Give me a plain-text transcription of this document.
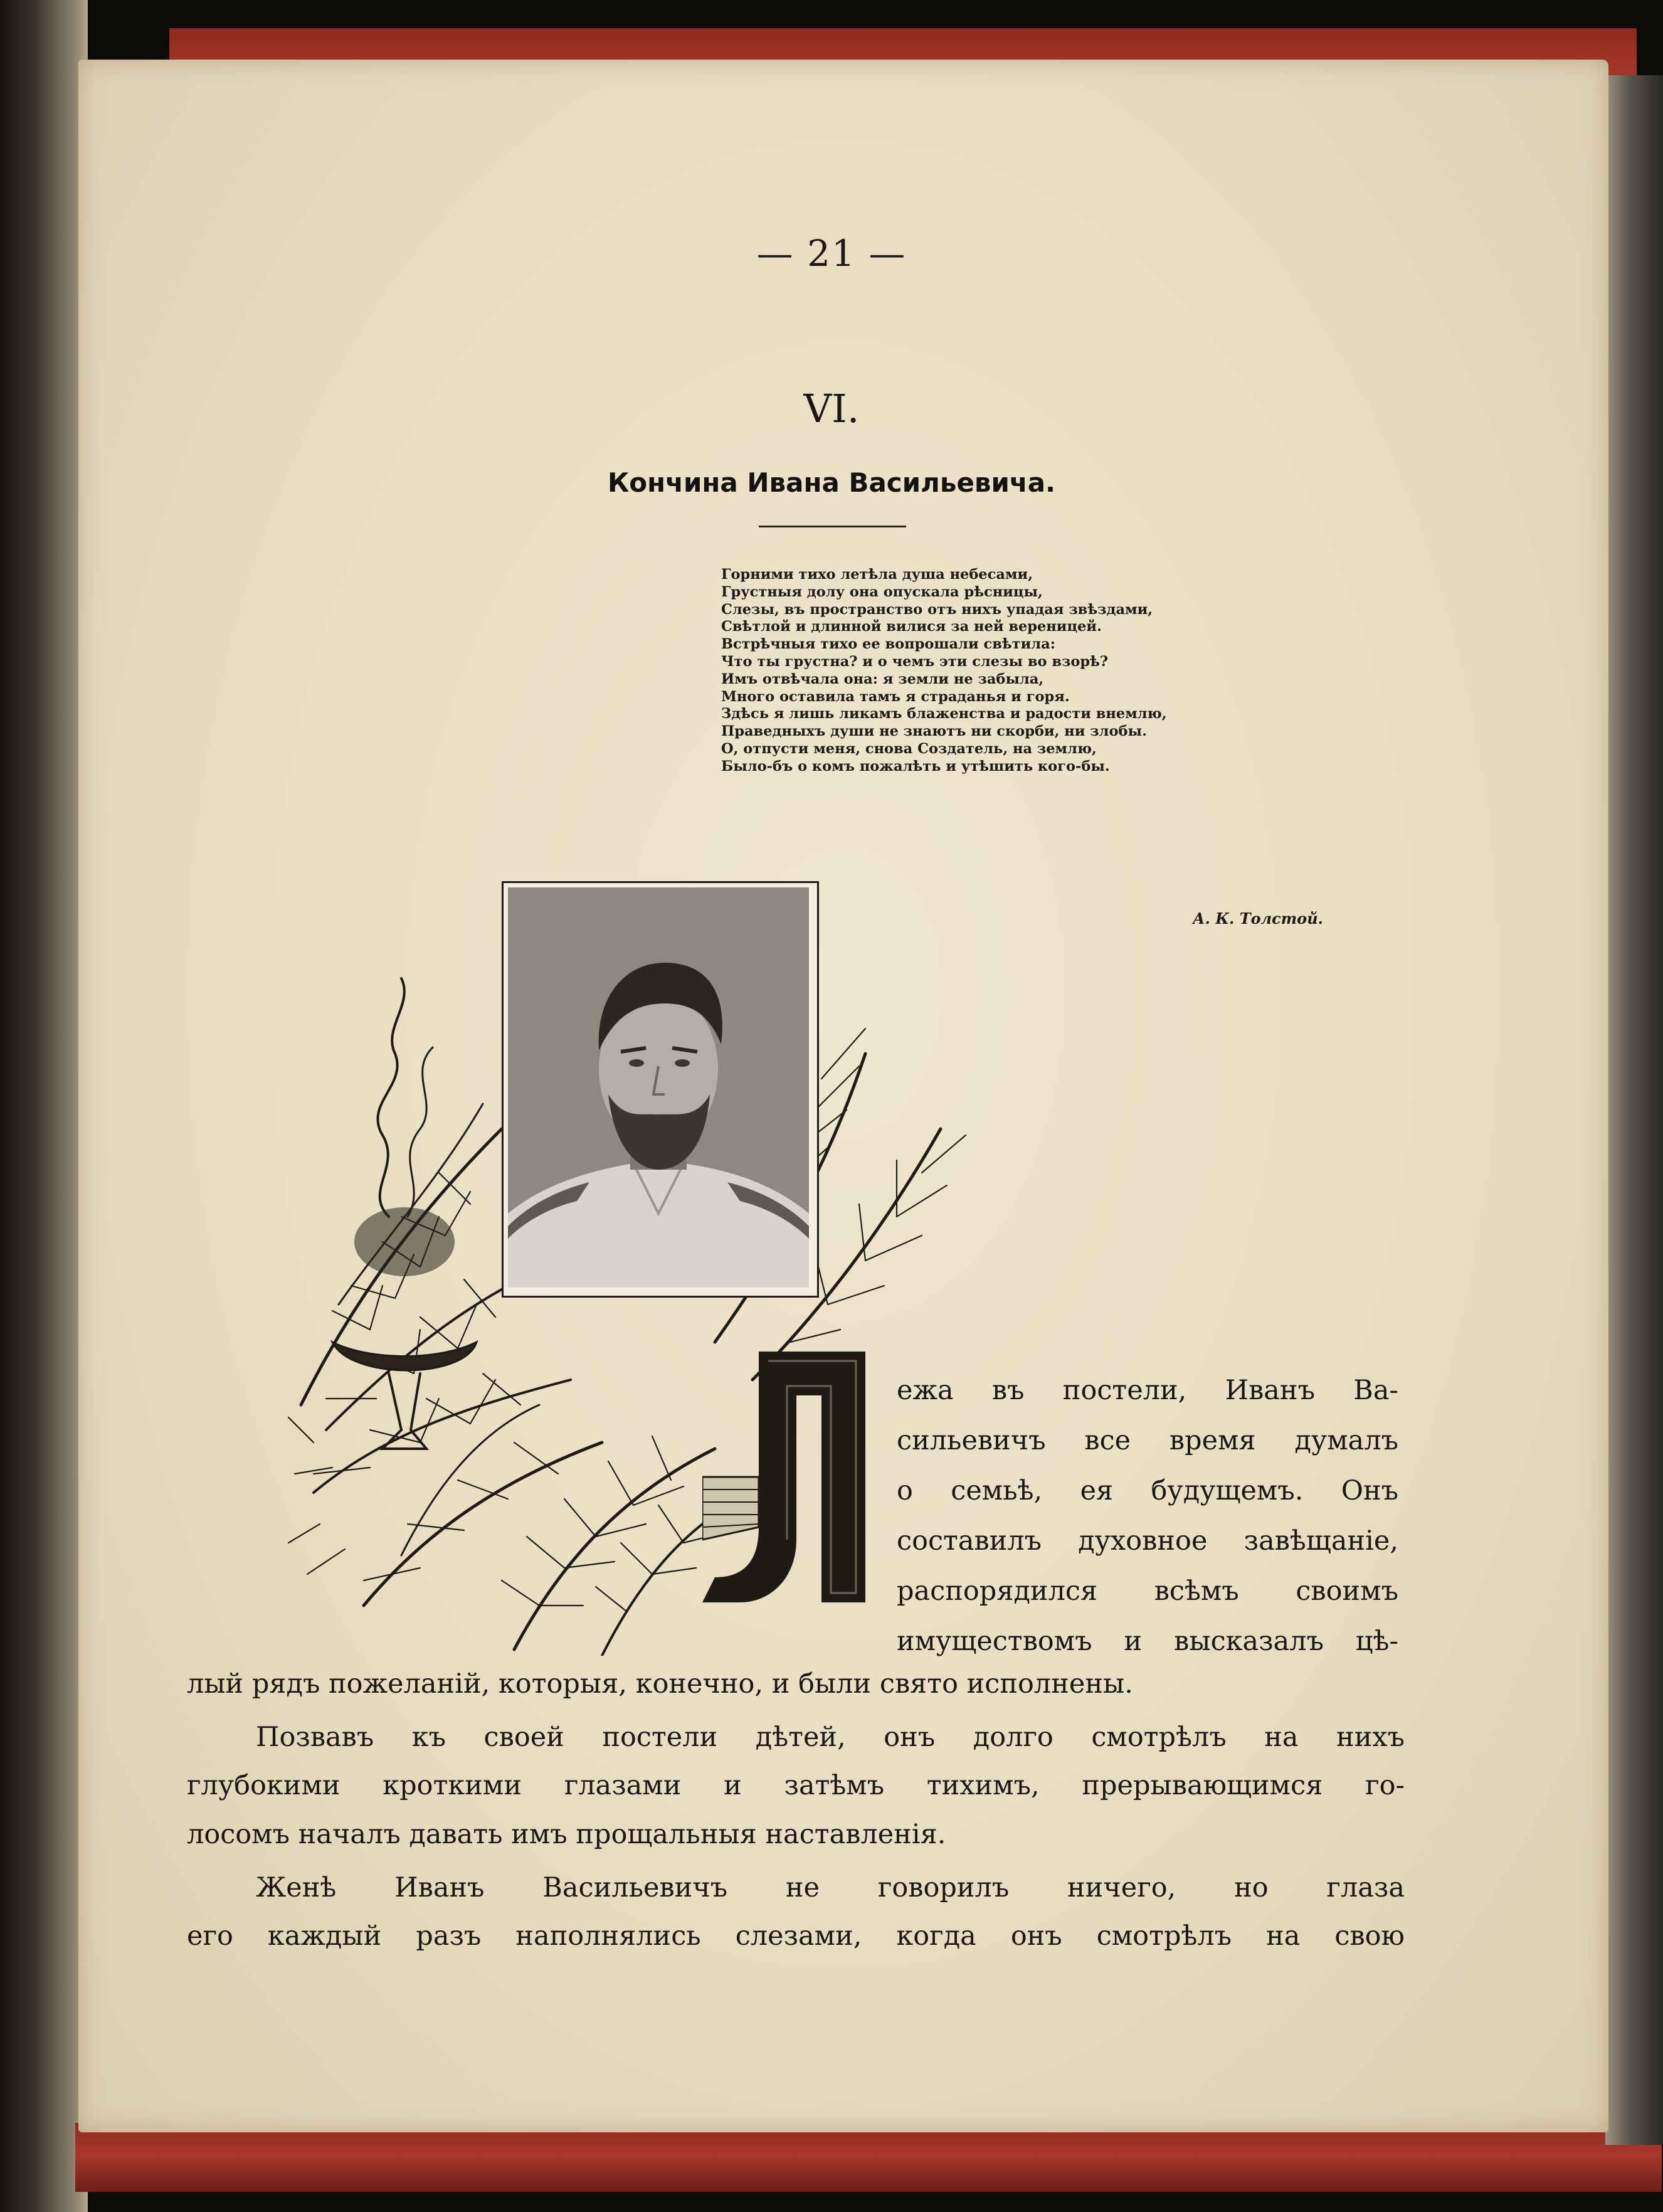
— 21 —
VI.
Кончина Ивана Васильевича.
Горними тихо летѣла душа небесами,
Грустныя долу она опускала рѣсницы,
Слезы, въ пространство отъ нихъ упадая звѣздами,
Свѣтлой и длинной вилися за ней вереницей.
Встрѣчныя тихо ее вопрошали свѣтила:
Что ты грустна? и о чемъ эти слезы во взорѣ?
Имъ отвѣчала она: я земли не забыла,
Много оставила тамъ я страданья и горя.
Здѣсь я лишь ликамъ блаженства и радости внемлю,
Праведныхъ души не знаютъ ни скорби, ни злобы.
О, отпусти меня, снова Создатель, на землю,
Было-бъ о комъ пожалѣть и утѣшить кого-бы.
А. К. Толстой.
ежа въ постели, Иванъ Ва-
сильевичъ все время думалъ
о семьѣ, ея будущемъ. Онъ
составилъ духовное завѣщаніе,
распорядился всѣмъ своимъ
имуществомъ и высказалъ цѣ-
лый рядъ пожеланій, которыя, конечно, и были свято исполнены.
Позвавъ къ своей постели дѣтей, онъ долго смотрѣлъ на нихъ
глубокими кроткими глазами и затѣмъ тихимъ, прерывающимся го-
лосомъ началъ давать имъ прощальныя наставленія.
Женѣ Иванъ Васильевичъ не говорилъ ничего, но глаза
его каждый разъ наполнялись слезами, когда онъ смотрѣлъ на свою
